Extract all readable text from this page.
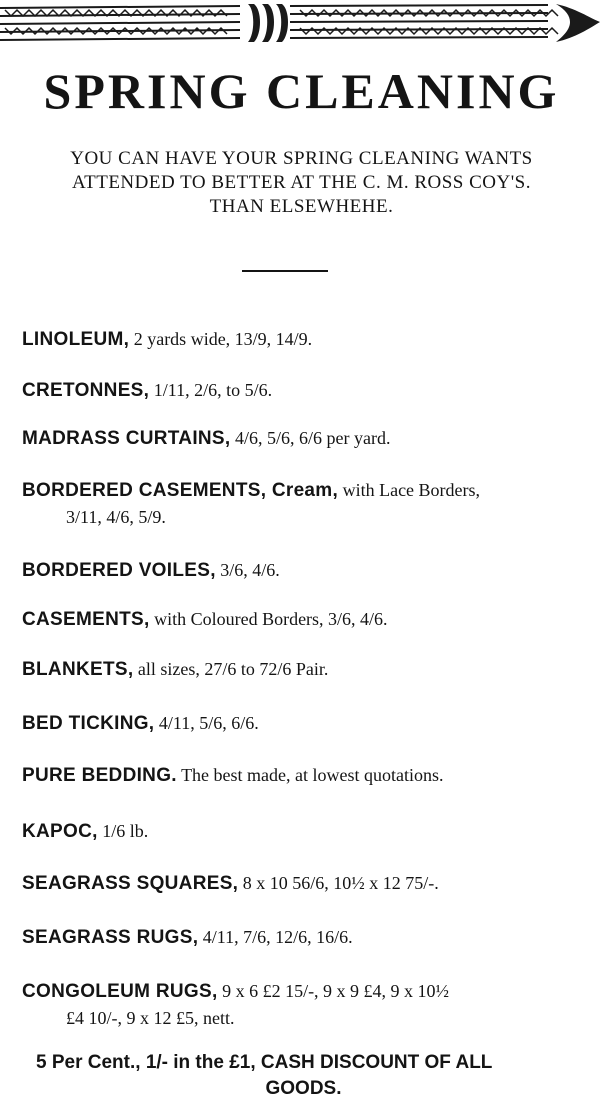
SPRING CLEANING
YOU CAN HAVE YOUR SPRING CLEANING WANTS
ATTENDED TO BETTER AT THE C. M. ROSS COY'S.
THAN ELSEWHEHE.
LINOLEUM, 2 yards wide, 13/9, 14/9.
CRETONNES, 1/11, 2/6, to 5/6.
MADRASS CURTAINS, 4/6, 5/6, 6/6 per yard.
BORDERED CASEMENTS, Cream, with Lace Borders,
3/11, 4/6, 5/9.
BORDERED VOILES, 3/6, 4/6.
CASEMENTS, with Coloured Borders, 3/6, 4/6.
BLANKETS, all sizes, 27/6 to 72/6 Pair.
BED TICKING, 4/11, 5/6, 6/6.
PURE BEDDING. The best made, at lowest quotations.
KAPOC, 1/6 lb.
SEAGRASS SQUARES, 8 x 10 56/6, 10½ x 12 75/-.
SEAGRASS RUGS, 4/11, 7/6, 12/6, 16/6.
CONGOLEUM RUGS, 9 x 6 £2 15/-, 9 x 9 £4, 9 x 10½
£4 10/-, 9 x 12 £5, nett.
5 Per Cent., 1/- in the £1, CASH DISCOUNT OF ALL
GOODS.
